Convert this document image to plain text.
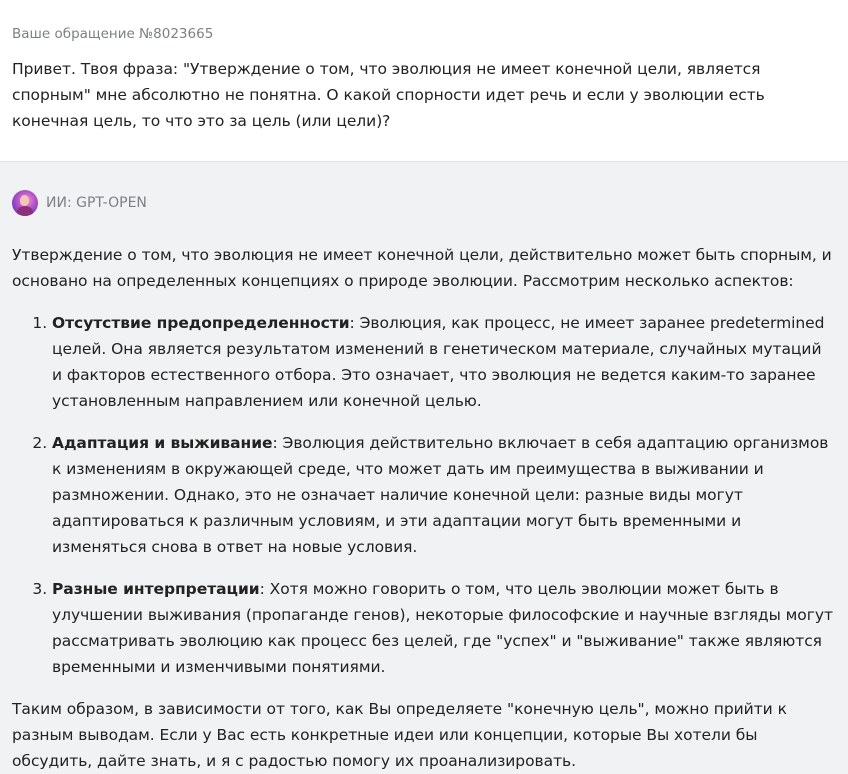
Ваше обращение №8023665

Привет. Твоя фраза: "Утверждение о том, что эволюция не имеет конечной цели, является спорным" мне абсолютно не понятна. О какой спорности идет речь и если у эволюции есть конечная цель, то что это за цель (или цели)?

ИИ: GPT-OPEN

Утверждение о том, что эволюция не имеет конечной цели, действительно может быть спорным, и основано на определенных концепциях о природе эволюции. Рассмотрим несколько аспектов:

1. Отсутствие предопределенности: Эволюция, как процесс, не имеет заранее predetermined целей. Она является результатом изменений в генетическом материале, случайных мутаций и факторов естественного отбора. Это означает, что эволюция не ведется каким-то заранее установленным направлением или конечной целью.
2. Адаптация и выживание: Эволюция действительно включает в себя адаптацию организмов к изменениям в окружающей среде, что может дать им преимущества в выживании и размножении. Однако, это не означает наличие конечной цели: разные виды могут адаптироваться к различным условиям, и эти адаптации могут быть временными и изменяться снова в ответ на новые условия.
3. Разные интерпретации: Хотя можно говорить о том, что цель эволюции может быть в улучшении выживания (пропаганде генов), некоторые философские и научные взгляды могут рассматривать эволюцию как процесс без целей, где "успех" и "выживание" также являются временными и изменчивыми понятиями.

Таким образом, в зависимости от того, как Вы определяете "конечную цель", можно прийти к разным выводам. Если у Вас есть конкретные идеи или концепции, которые Вы хотели бы обсудить, дайте знать, и я с радостью помогу их проанализировать.
